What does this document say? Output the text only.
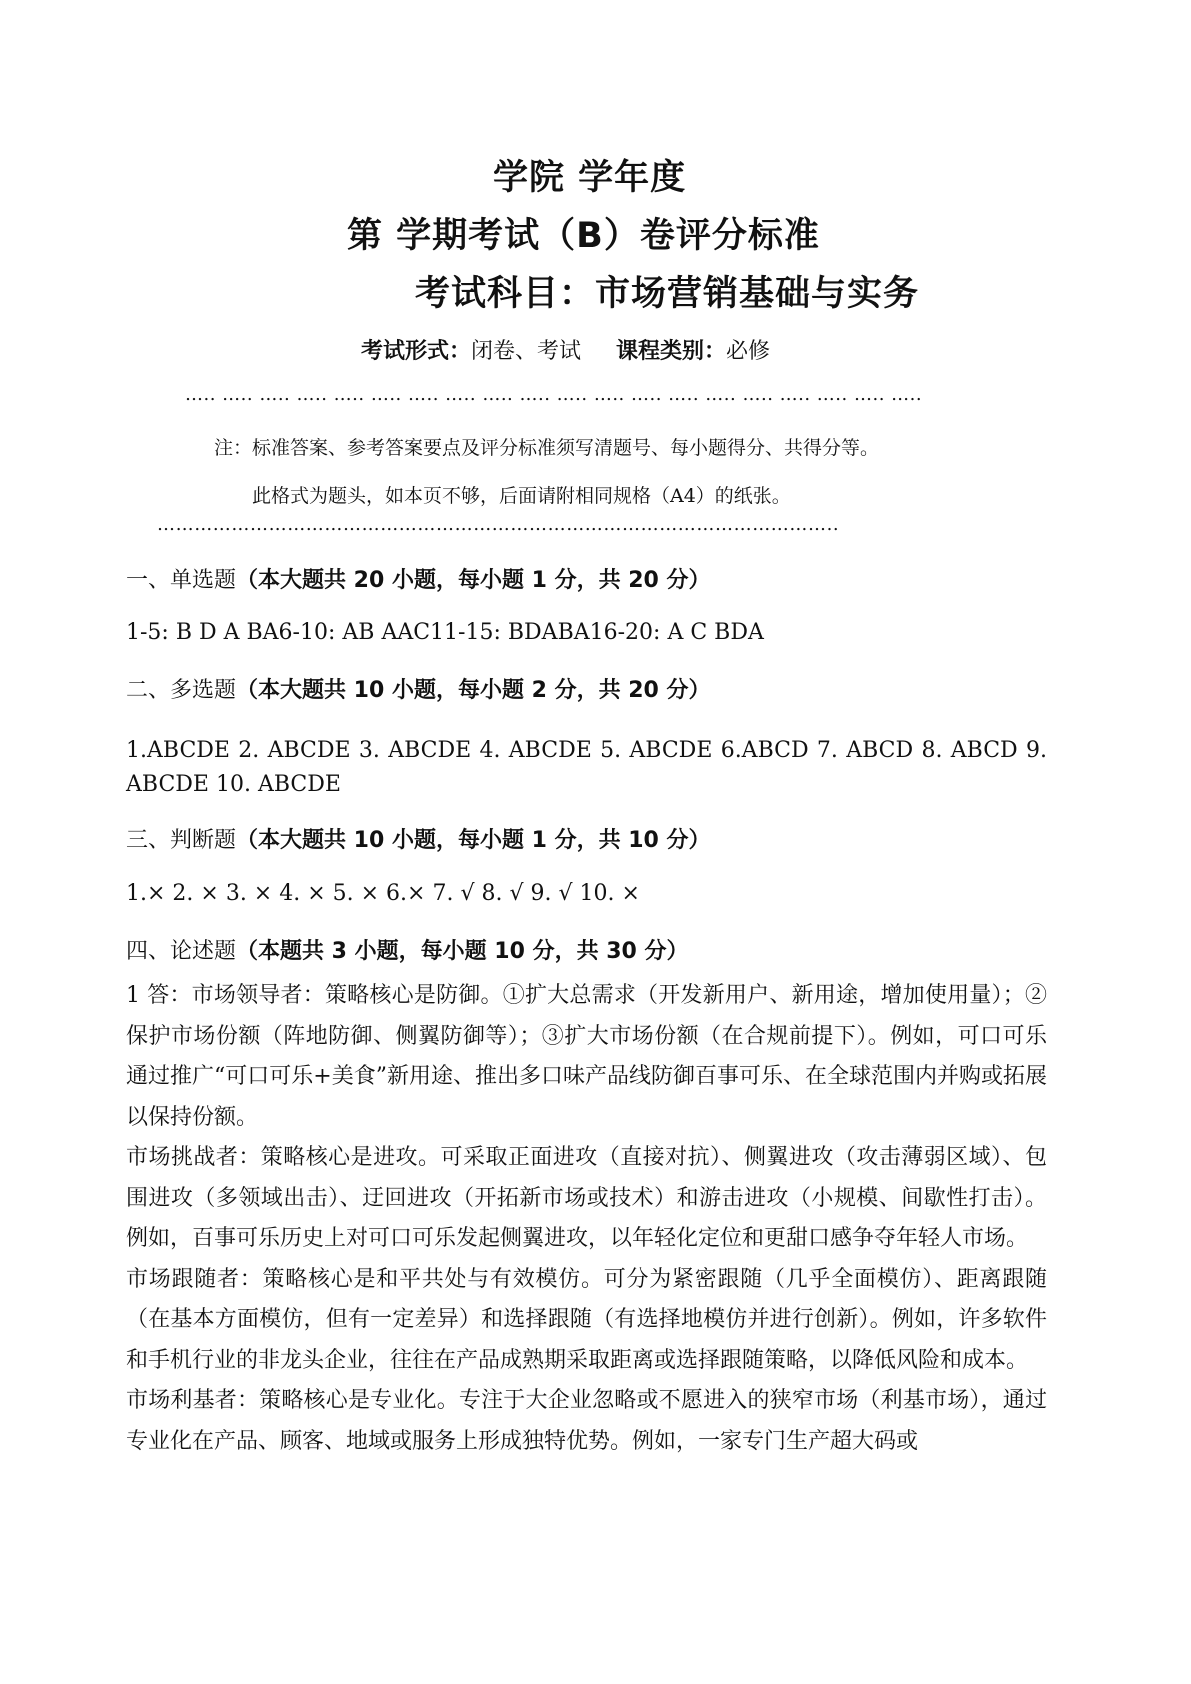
学院 学年度
第 学期考试（B）卷评分标准
考试科目：市场营销基础与实务
考试形式：闭卷、考试 课程类别：必修
….. ….. ….. ….. ….. ….. ….. ….. ….. ….. ….. ….. ….. ….. ….. ….. ….. ….. ….. …..
注：标准答案、参考答案要点及评分标准须写清题号、每小题得分、共得分等。
此格式为题头，如本页不够，后面请附相同规格（A4）的纸张。
………………………………………………………………………………………………..
一、单选题（本大题共 20 小题，每小题 1 分，共 20 分）
1-5: B D A BA6-10: AB AAC11-15: BDABA16-20: A C BDA
二、多选题（本大题共 10 小题，每小题 2 分，共 20 分）
1.ABCDE 2. ABCDE 3. ABCDE 4. ABCDE 5. ABCDE 6.ABCD 7. ABCD 8. ABCD 9. ABCDE 10. ABCDE
三、判断题（本大题共 10 小题，每小题 1 分，共 10 分）
1.× 2. × 3. × 4. × 5. × 6.× 7. √ 8. √ 9. √ 10. ×
四、论述题（本题共 3 小题，每小题 10 分，共 30 分）

1 答：市场领导者：策略核心是防御。①扩大总需求（开发新用户、新用途，增加使用量）；②保护市场份额（阵地防御、侧翼防御等）；③扩大市场份额（在合规前提下）。例如，可口可乐通过推广“可口可乐+美食”新用途、推出多口味产品线防御百事可乐、在全球范围内并购或拓展以保持份额。

市场挑战者：策略核心是进攻。可采取正面进攻（直接对抗）、侧翼进攻（攻击薄弱区域）、包围进攻（多领域出击）、迂回进攻（开拓新市场或技术）和游击进攻（小规模、间歇性打击）。例如，百事可乐历史上对可口可乐发起侧翼进攻，以年轻化定位和更甜口感争夺年轻人市场。

市场跟随者：策略核心是和平共处与有效模仿。可分为紧密跟随（几乎全面模仿）、距离跟随（在基本方面模仿，但有一定差异）和选择跟随（有选择地模仿并进行创新）。例如，许多软件和手机行业的非龙头企业，往往在产品成熟期采取距离或选择跟随策略，以降低风险和成本。

市场利基者：策略核心是专业化。专注于大企业忽略或不愿进入的狭窄市场（利基市场），通过专业化在产品、顾客、地域或服务上形成独特优势。例如，一家专门生产超大码或
